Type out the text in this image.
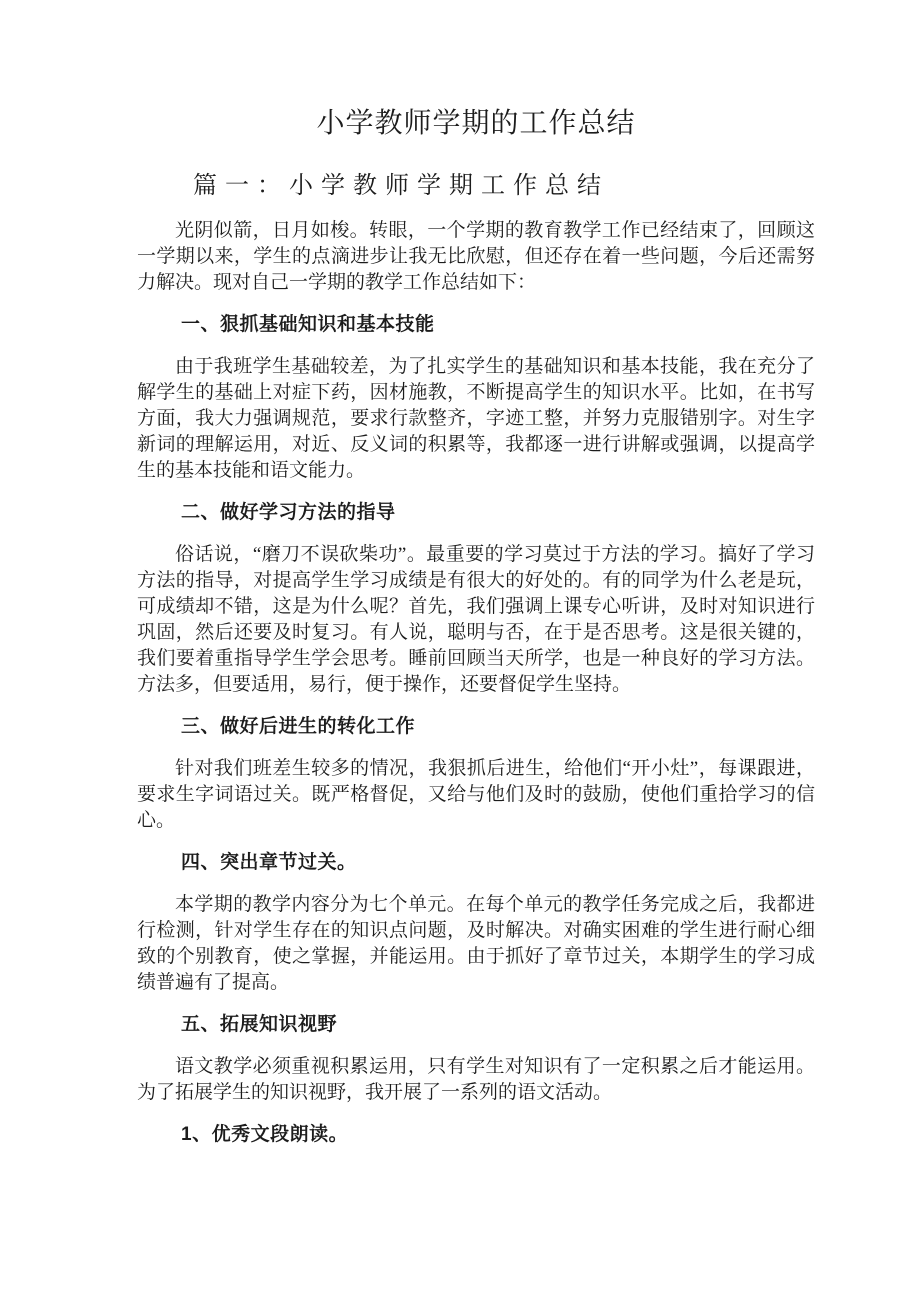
小学教师学期的工作总结
篇一：小学教师学期工作总结

光阴似箭，日月如梭。转眼，一个学期的教育教学工作已经结束了，回顾这一学期以来，学生的点滴进步让我无比欣慰，但还存在着一些问题，今后还需努力解决。现对自己一学期的教学工作总结如下：

一、狠抓基础知识和基本技能

由于我班学生基础较差，为了扎实学生的基础知识和基本技能，我在充分了解学生的基础上对症下药，因材施教，不断提高学生的知识水平。比如，在书写方面，我大力强调规范，要求行款整齐，字迹工整，并努力克服错别字。对生字新词的理解运用，对近、反义词的积累等，我都逐一进行讲解或强调，以提高学生的基本技能和语文能力。

二、做好学习方法的指导

俗话说，“磨刀不误砍柴功”。最重要的学习莫过于方法的学习。搞好了学习方法的指导，对提高学生学习成绩是有很大的好处的。有的同学为什么老是玩，可成绩却不错，这是为什么呢？首先，我们强调上课专心听讲，及时对知识进行巩固，然后还要及时复习。有人说，聪明与否，在于是否思考。这是很关键的，我们要着重指导学生学会思考。睡前回顾当天所学，也是一种良好的学习方法。方法多，但要适用，易行，便于操作，还要督促学生坚持。

三、做好后进生的转化工作

针对我们班差生较多的情况，我狠抓后进生，给他们“开小灶”，每课跟进，要求生字词语过关。既严格督促，又给与他们及时的鼓励，使他们重拾学习的信心。

四、突出章节过关。

本学期的教学内容分为七个单元。在每个单元的教学任务完成之后，我都进行检测，针对学生存在的知识点问题，及时解决。对确实困难的学生进行耐心细致的个别教育，使之掌握，并能运用。由于抓好了章节过关，本期学生的学习成绩普遍有了提高。

五、拓展知识视野

语文教学必须重视积累运用，只有学生对知识有了一定积累之后才能运用。为了拓展学生的知识视野，我开展了一系列的语文活动。

1、优秀文段朗读。
